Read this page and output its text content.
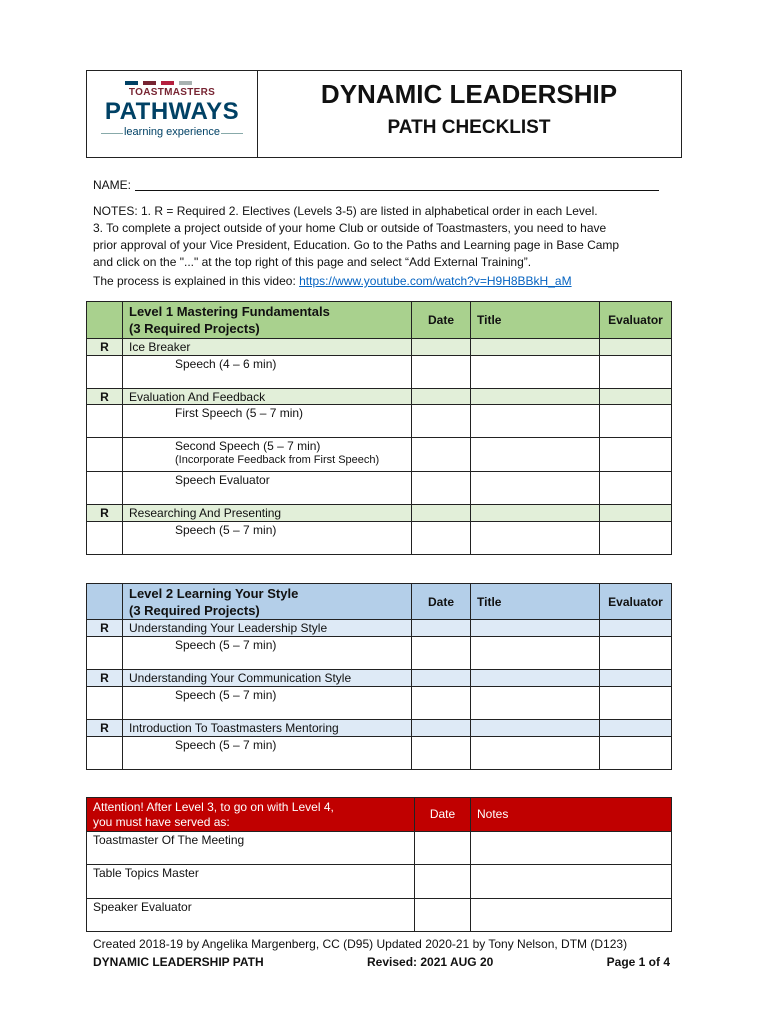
TOASTMASTERS
PATHWAYS
learning experience
DYNAMIC LEADERSHIP
PATH CHECKLIST
NAME:
NOTES: 1. R = Required 2. Electives (Levels 3-5) are listed in alphabetical order in each Level.
3. To complete a project outside of your home Club or outside of Toastmasters, you need to have
prior approval of your Vice President, Education. Go to the Paths and Learning page in Base Camp
and click on the "..." at the top right of this page and select “Add External Training”.
The process is explained in this video: https://www.youtube.com/watch?v=H9H8BBkH_aM
	Level 1 Mastering Fundamentals
(3 Required Projects)	Date	Title	Evaluator
R	Ice Breaker			
	Speech (4 – 6 min)			
R	Evaluation And Feedback			
	First Speech (5 – 7 min)			
	Second Speech (5 – 7 min)
(Incorporate Feedback from First Speech)			

	Speech Evaluator			
R	Researching And Presenting			
	Speech (5 – 7 min)			
	Level 2 Learning Your Style
(3 Required Projects)	Date	Title	Evaluator
R	Understanding Your Leadership Style			
	Speech (5 – 7 min)			
R	Understanding Your Communication Style			
	Speech (5 – 7 min)			
R	Introduction To Toastmasters Mentoring			
	Speech (5 – 7 min)			
Attention! After Level 3, to go on with Level 4,
you must have served as:	Date	Notes
Toastmaster Of The Meeting		
Table Topics Master		
Speaker Evaluator		
Created 2018-19 by Angelika Margenberg, CC (D95) Updated 2020-21 by Tony Nelson, DTM (D123)
DYNAMIC LEADERSHIP PATH	Revised: 2021 AUG 20	Page 1 of 4
